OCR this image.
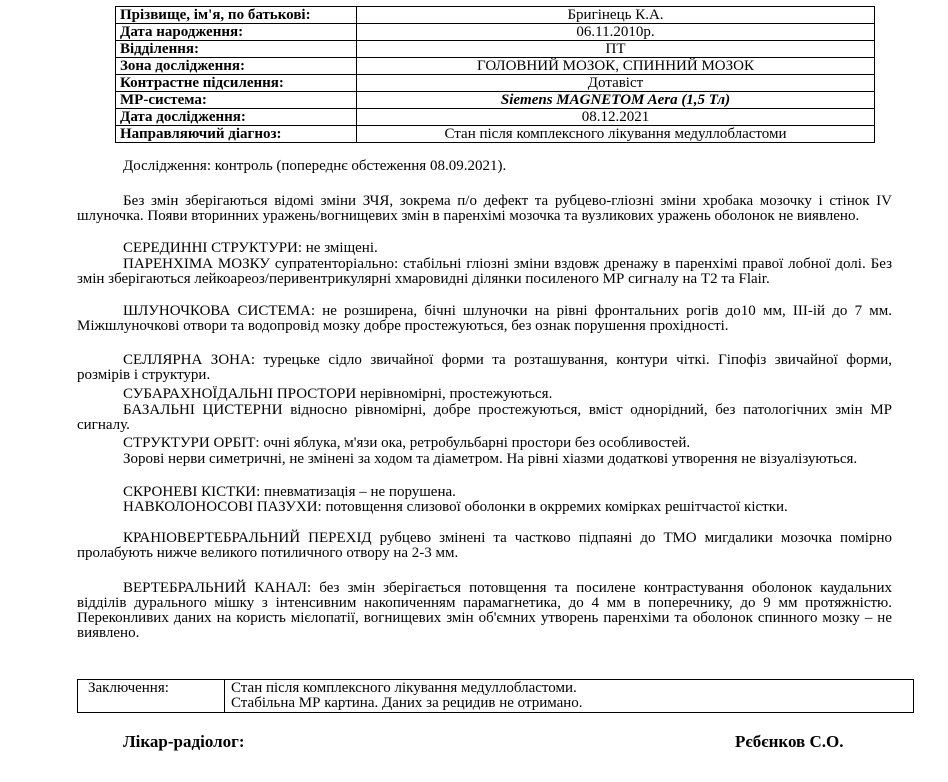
Прізвище, ім'я, по батькові:	Бригінець К.А.
Дата народження:	06.11.2010р.
Відділення:	ПТ
Зона дослідження:	ГОЛОВНИЙ МОЗОК, СПИННИЙ МОЗОК
Контрастне підсилення:	Дотавіст
МР-система:	Siemens MAGNETOM Aera (1,5 Тл)
Дата дослідження:	08.12.2021
Направляючий діагноз:	Стан після комплексного лікування медуллобластоми
Дослідження: контроль (попереднє обстеження 08.09.2021).
Без змін зберігаються відомі зміни ЗЧЯ, зокрема п/о дефект та рубцево-гліозні зміни хробака мозочку і стінок IV шлуночка. Появи вторинних уражень/вогнищевих змін в паренхімі мозочка та вузликових уражень оболонок не виявлено.
СЕРЕДИННІ СТРУКТУРИ: не зміщені.
ПАРЕНХІМА МОЗКУ супратенторіально: стабільні гліозні зміни вздовж дренажу в паренхімі правої лобної долі. Без змін зберігаються лейкоареоз/перивентрикулярні хмаровидні ділянки посиленого МР сигналу на T2 та Flair.
ШЛУНОЧКОВА СИСТЕМА: не розширена, бічні шлуночки на рівні фронтальних рогів до10 мм, ІІІ-ій до 7 мм. Міжшлуночкові отвори та водопровід мозку добре простежуються, без ознак порушення прохідності.
СЕЛЛЯРНА ЗОНА: турецьке сідло звичайної форми та розташування, контури чіткі. Гіпофіз звичайної форми, розмірів і структури.
СУБАРАХНОЇДАЛЬНІ ПРОСТОРИ нерівномірні, простежуються.
БАЗАЛЬНІ ЦИСТЕРНИ відносно рівномірні, добре простежуються, вміст однорідний, без патологічних змін МР сигналу.
СТРУКТУРИ ОРБІТ: очні яблука, м'язи ока, ретробульбарні простори без особливостей.
Зорові нерви симетричні, не змінені за ходом та діаметром. На рівні хіазми додаткові утворення не візуалізуються.
СКРОНЕВІ КІСТКИ: пневматизація – не порушена.
НАВКОЛОНОСОВІ ПАЗУХИ: потовщення слизової оболонки в окрремих комірках решітчастої кістки.
КРАНІОВЕРТЕБРАЛЬНИЙ ПЕРЕХІД рубцево змінені та частково підпаяні до ТМО мигдалики мозочка помірно пролабують нижче великого потиличного отвору на 2-3 мм.
ВЕРТЕБРАЛЬНИЙ КАНАЛ: без змін зберігається потовщення та посилене контрастування оболонок каудальних відділів дурального мішку з інтенсивним накопиченням парамагнетика, до 4 мм в поперечнику, до 9 мм протяжністю. Переконливих даних на користь мієлопатії, вогнищевих змін об'ємних утворень паренхіми та оболонок спинного мозку – не виявлено.
Заключення:	Стан після комплексного лікування медуллобластоми.
Стабільна МР картина. Даних за рецидив не отримано.
Лікар-радіолог:	Рєбєнков С.О.
